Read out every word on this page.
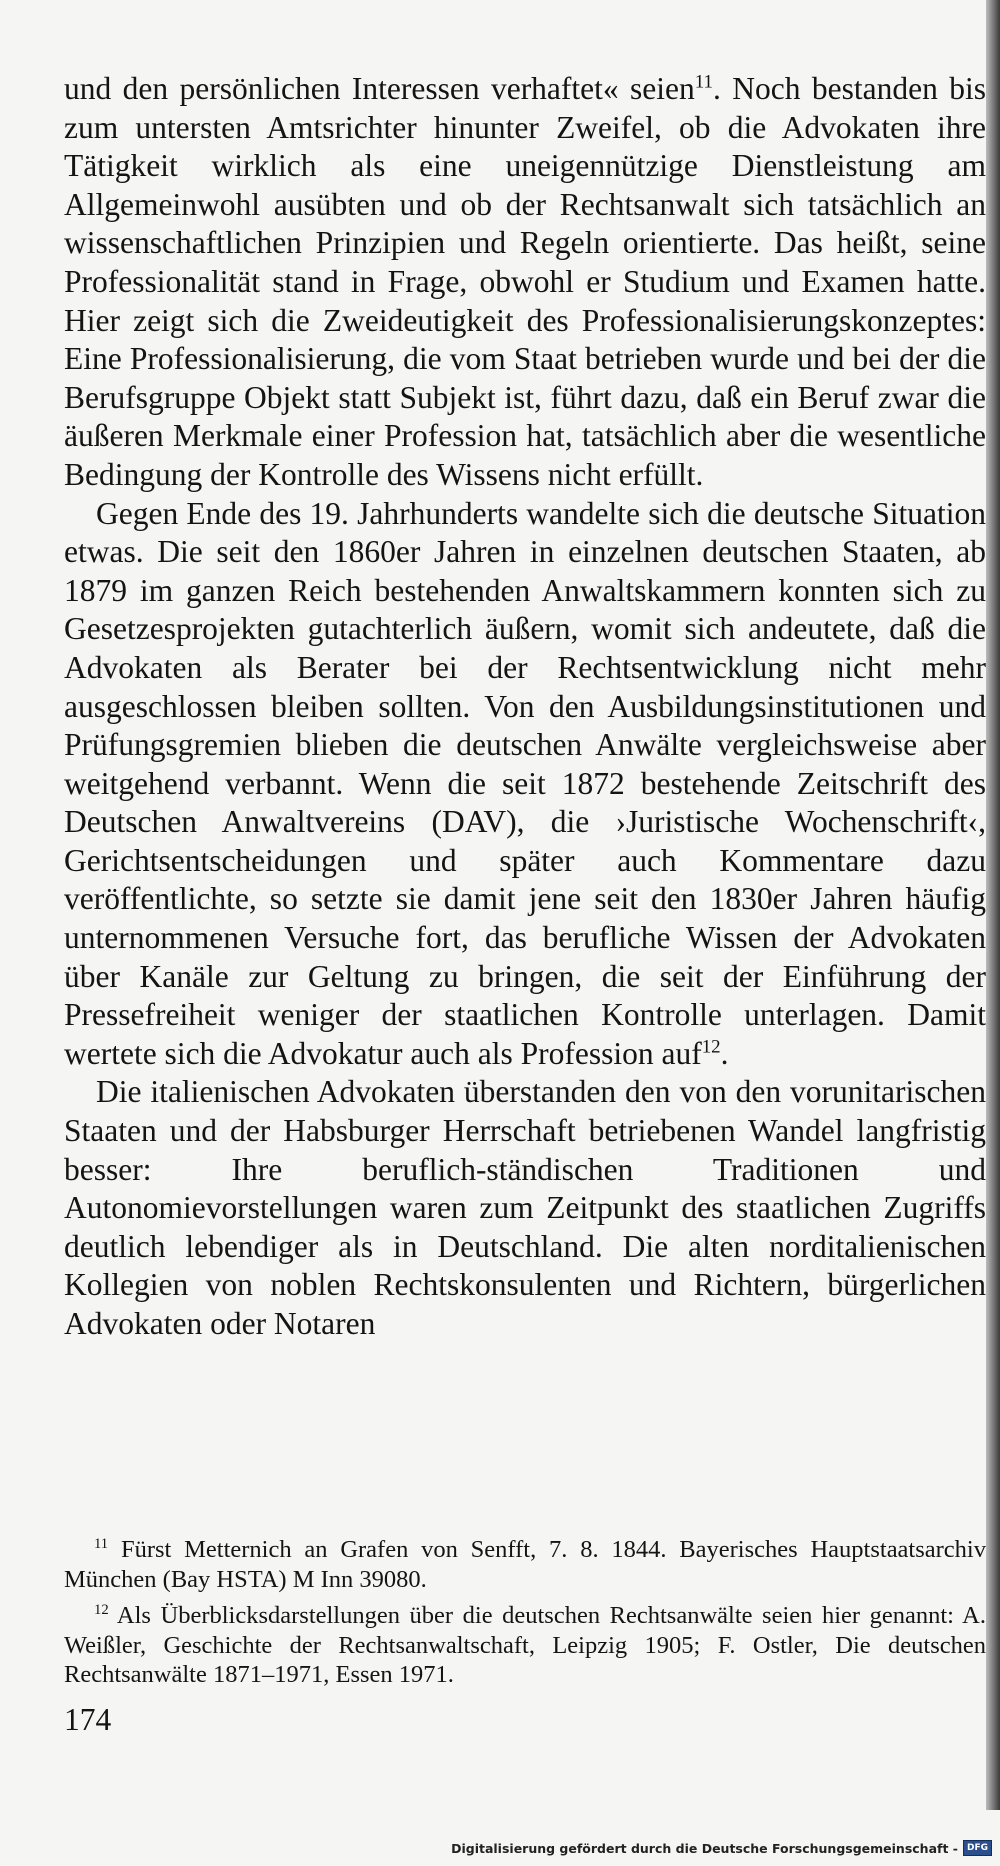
und den persönlichen Interessen verhaftet« seien$^{11}$. Noch bestanden bis zum untersten Amtsrichter hinunter Zweifel, ob die Advokaten ihre Tätigkeit wirklich als eine uneigennützige Dienstleistung am Allgemeinwohl ausübten und ob der Rechtsanwalt sich tatsächlich an wissenschaftlichen Prinzipien und Regeln orientierte. Das heißt, seine Professionalität stand in Frage, obwohl er Studium und Examen hatte. Hier zeigt sich die Zweideutigkeit des Professionalisierungskonzeptes: Eine Professionalisierung, die vom Staat betrieben wurde und bei der die Berufsgruppe Objekt statt Subjekt ist, führt dazu, daß ein Beruf zwar die äußeren Merkmale einer Profession hat, tatsächlich aber die wesentliche Bedingung der Kontrolle des Wissens nicht erfüllt.

Gegen Ende des 19. Jahrhunderts wandelte sich die deutsche Situation etwas. Die seit den 1860er Jahren in einzelnen deutschen Staaten, ab 1879 im ganzen Reich bestehenden Anwaltskammern konnten sich zu Gesetzesprojekten gutachterlich äußern, womit sich andeutete, daß die Advokaten als Berater bei der Rechtsentwicklung nicht mehr ausgeschlossen bleiben sollten. Von den Ausbildungsinstitutionen und Prüfungsgremien blieben die deutschen Anwälte vergleichsweise aber weitgehend verbannt. Wenn die seit 1872 bestehende Zeitschrift des Deutschen Anwaltvereins (DAV), die ›Juristische Wochenschrift‹, Gerichtsentscheidungen und später auch Kommentare dazu veröffentlichte, so setzte sie damit jene seit den 1830er Jahren häufig unternommenen Versuche fort, das berufliche Wissen der Advokaten über Kanäle zur Geltung zu bringen, die seit der Einführung der Pressefreiheit weniger der staatlichen Kontrolle unterlagen. Damit wertete sich die Advokatur auch als Profession auf$^{12}$.

Die italienischen Advokaten überstanden den von den vorunitarischen Staaten und der Habsburger Herrschaft betriebenen Wandel langfristig besser: Ihre beruflich-ständischen Traditionen und Autonomievorstellungen waren zum Zeitpunkt des staatlichen Zugriffs deutlich lebendiger als in Deutschland. Die alten norditalienischen Kollegien von noblen Rechtskonsulenten und Richtern, bürgerlichen Advokaten oder Notaren

$^{11}$ Fürst Metternich an Grafen von Senfft, 7. 8. 1844. Bayerisches Hauptstaatsarchiv München (Bay HSTA) M Inn 39080.

$^{12}$ Als Überblicksdarstellungen über die deutschen Rechtsanwälte seien hier genannt: A. Weißler, Geschichte der Rechtsanwaltschaft, Leipzig 1905; F. Ostler, Die deutschen Rechtsanwälte 1871–1971, Essen 1971.

174
Digitalisierung gefördert durch die Deutsche Forschungsgemeinschaft -	DFG
